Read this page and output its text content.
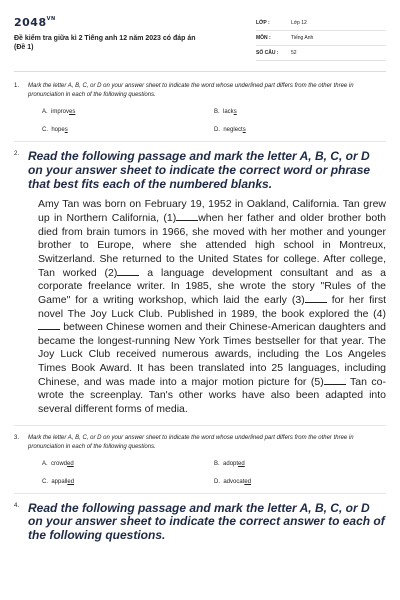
$2048^{VN}$
Đề kiểm tra giữa kì 2 Tiếng anh 12 năm 2023 có đáp án
(Đề 1)
LỚP :	Lớp 12
MÔN :	Tiếng Anh
SỐ CÂU :	52
1.	Mark the letter A, B, C, or D on your answer sheet to indicate the word whose underlined part differs from the other three in pronunciation in each of the following questions.
A. improves	B. lacks
C. hopes	D. neglects
2. Read the following passage and mark the letter A, B, C, or D on your answer sheet to indicate the correct word or phrase that best fits each of the numbered blanks.
Amy Tan was born on February 19, 1952 in Oakland, California. Tan grew up in Northern California, (1) when her father and older brother both died from brain tumors in 1966, she moved with her mother and younger brother to Europe, where she attended high school in Montreux, Switzerland. She returned to the United States for college. After college, Tan worked (2)	a language development consultant and as a corporate freelance writer. In 1985, she wrote the story "Rules of the Game" for a writing workshop, which laid the early (3)	for her first novel The Joy Luck Club. Published in 1989, the book explored the (4) between Chinese women and their Chinese-American daughters and became the longest-running New York Times bestseller for that year. The Joy Luck Club received numerous awards, including the Los Angeles Times Book Award. It has been translated into 25 languages, including Chinese, and was made into a major motion picture for (5)	Tan co-wrote the screenplay. Tan's other works have also been adapted into several different forms of media.
3.	Mark the letter A, B, C, or D on your answer sheet to indicate the word whose underlined part differs from the other three in pronunciation in each of the following questions.
A. crowded	B. adopted
C. appalled	D. advocated
4. Read the following passage and mark the letter A, B, C, or D on your answer sheet to indicate the correct answer to each of the following questions.
